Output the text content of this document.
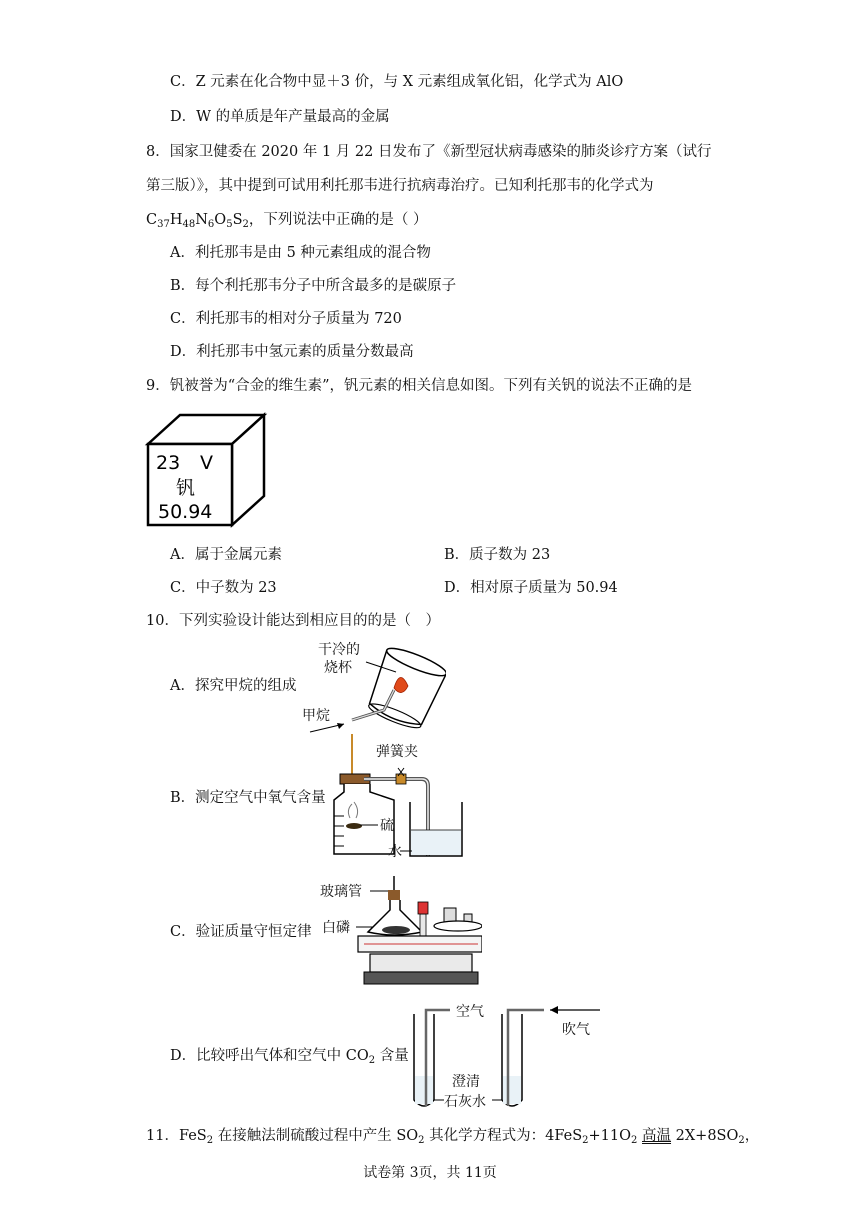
C．Z 元素在化合物中显＋3 价，与 X 元素组成氧化铝，化学式为 AlO
D．W 的单质是年产量最高的金属
8．国家卫健委在 2020 年 1 月 22 日发布了《新型冠状病毒感染的肺炎诊疗方案（试行
第三版）》，其中提到可试用利托那韦进行抗病毒治疗。已知利托那韦的化学式为
$C_{37}H_{48}N_6O_5S_2$，下列说法中正确的是（ ）
A．利托那韦是由 5 种元素组成的混合物
B．每个利托那韦分子中所含最多的是碳原子
C．利托那韦的相对分子质量为 720
D．利托那韦中氢元素的质量分数最高
9．钒被誉为“合金的维生素”，钒元素的相关信息如图。下列有关钒的说法不正确的是
23 V
钒
50.94
A．属于金属元素	B．质子数为 23
C．中子数为 23	D．相对原子质量为 50.94
10．下列实验设计能达到相应目的的是（　）
A．探究甲烷的组成
干冷的
烧杯
甲烷
B．测定空气中氧气含量
硫
弹簧夹
水
C．验证质量守恒定律
玻璃管
白磷
D．比较呼出气体和空气中 $CO_2$ 含量
空气
吹气
澄清
石灰水
11．FeS$_2$ 在接触法制硫酸过程中产生 $SO_2$ 其化学方程式为：$4FeS_2+11O_2$ 高温 $2X+8SO_2$，
试卷第 3页，共 11页
